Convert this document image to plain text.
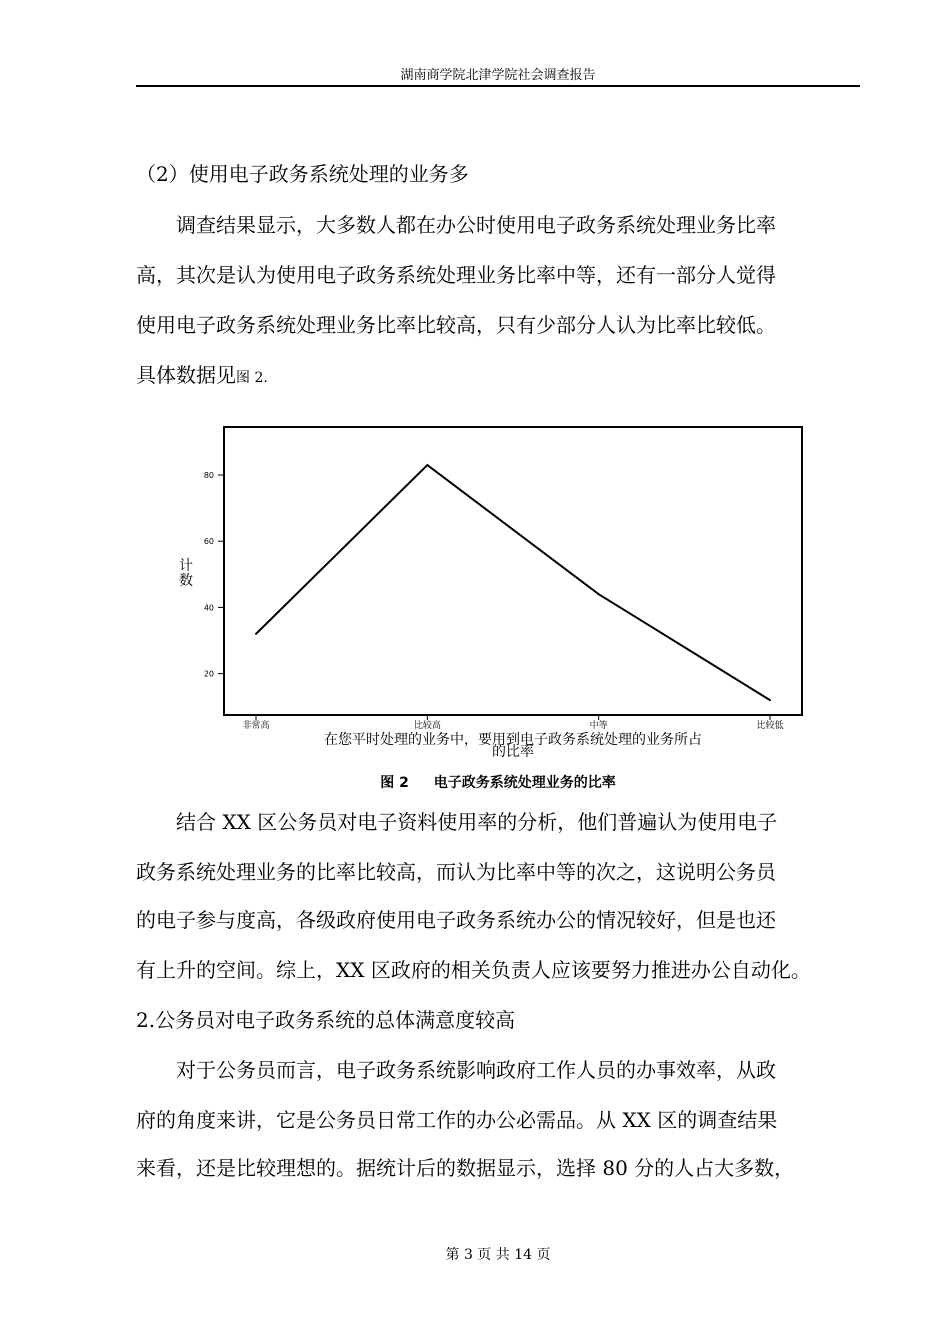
湖南商学院北津学院社会调查报告

（2）使用电子政务系统处理的业务多

　　调查结果显示，大多数人都在办公时使用电子政务系统处理业务比率

高，其次是认为使用电子政务系统处理业务比率中等，还有一部分人觉得

使用电子政务系统处理业务比率比较高，只有少部分人认为比率比较低。

具体数据见图 2.

20
40
60
80
非常高	比较高	中等	比较低
计
数
在您平时处理的业务中，要用到电子政务系统处理的业务所占
的比率
图 2 电子政务系统处理业务的比率

　　结合 XX 区公务员对电子资料使用率的分析，他们普遍认为使用电子

政务系统处理业务的比率比较高，而认为比率中等的次之，这说明公务员

的电子参与度高，各级政府使用电子政务系统办公的情况较好，但是也还

有上升的空间。综上，XX 区政府的相关负责人应该要努力推进办公自动化。

2.公务员对电子政务系统的总体满意度较高

　　对于公务员而言，电子政务系统影响政府工作人员的办事效率，从政

府的角度来讲，它是公务员日常工作的办公必需品。从 XX 区的调查结果

来看，还是比较理想的。据统计后的数据显示，选择 80 分的人占大多数，

第 3 页 共 14 页
